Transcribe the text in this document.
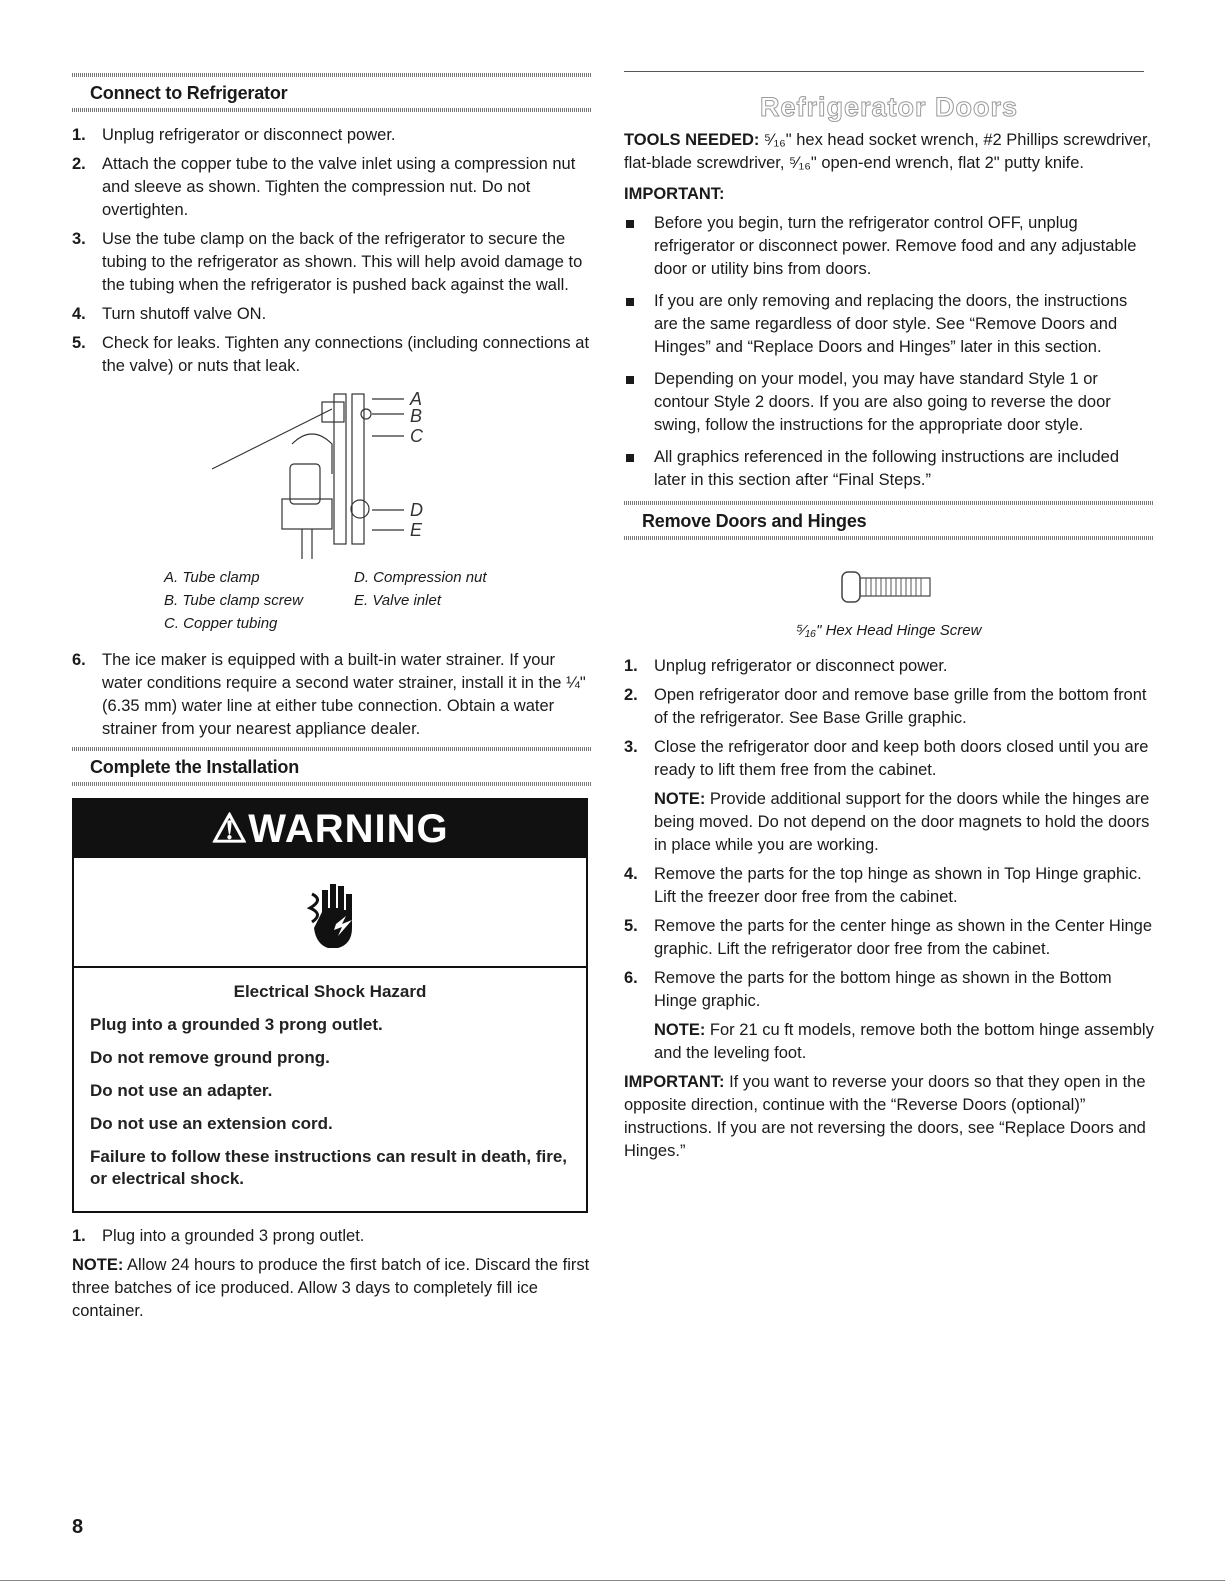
Connect to Refrigerator
1. Unplug refrigerator or disconnect power.
2. Attach the copper tube to the valve inlet using a compression nut and sleeve as shown. Tighten the compression nut. Do not overtighten.
3. Use the tube clamp on the back of the refrigerator to secure the tubing to the refrigerator as shown. This will help avoid damage to the tubing when the refrigerator is pushed back against the wall.
4. Turn shutoff valve ON.
5. Check for leaks. Tighten any connections (including connections at the valve) or nuts that leak.
A
B
C
D
E
A. Tube clamp	D. Compression nut
B. Tube clamp screw	E. Valve inlet
C. Copper tubing
6. The ice maker is equipped with a built-in water strainer. If your water conditions require a second water strainer, install it in the ¼" (6.35 mm) water line at either tube connection. Obtain a water strainer from your nearest appliance dealer.
Complete the Installation
⚠WARNING
Electrical Shock Hazard
Plug into a grounded 3 prong outlet.
Do not remove ground prong.
Do not use an adapter.
Do not use an extension cord.
Failure to follow these instructions can result in death, fire, or electrical shock.
1. Plug into a grounded 3 prong outlet.

NOTE: Allow 24 hours to produce the first batch of ice. Discard the first three batches of ice produced. Allow 3 days to completely fill ice container.

Refrigerator Doors

TOOLS NEEDED: ⁵⁄₁₆" hex head socket wrench, #2 Phillips screwdriver, flat-blade screwdriver, ⁵⁄₁₆" open-end wrench, flat 2" putty knife.

IMPORTANT:

Before you begin, turn the refrigerator control OFF, unplug refrigerator or disconnect power. Remove food and any adjustable door or utility bins from doors.
If you are only removing and replacing the doors, the instructions are the same regardless of door style. See “Remove Doors and Hinges” and “Replace Doors and Hinges” later in this section.
Depending on your model, you may have standard Style 1 or contour Style 2 doors. If you are also going to reverse the door swing, follow the instructions for the appropriate door style.
All graphics referenced in the following instructions are included later in this section after “Final Steps.”
Remove Doors and Hinges
⁵⁄₁₆" Hex Head Hinge Screw
1. Unplug refrigerator or disconnect power.
2. Open refrigerator door and remove base grille from the bottom front of the refrigerator. See Base Grille graphic.
3. Close the refrigerator door and keep both doors closed until you are ready to lift them free from the cabinet.

NOTE: Provide additional support for the doors while the hinges are being moved. Do not depend on the door magnets to hold the doors in place while you are working.

4. Remove the parts for the top hinge as shown in Top Hinge graphic. Lift the freezer door free from the cabinet.
5. Remove the parts for the center hinge as shown in the Center Hinge graphic. Lift the refrigerator door free from the cabinet.
6. Remove the parts for the bottom hinge as shown in the Bottom Hinge graphic.

NOTE: For 21 cu ft models, remove both the bottom hinge assembly and the leveling foot.

IMPORTANT: If you want to reverse your doors so that they open in the opposite direction, continue with the “Reverse Doors (optional)” instructions. If you are not reversing the doors, see “Replace Doors and Hinges.”

8
